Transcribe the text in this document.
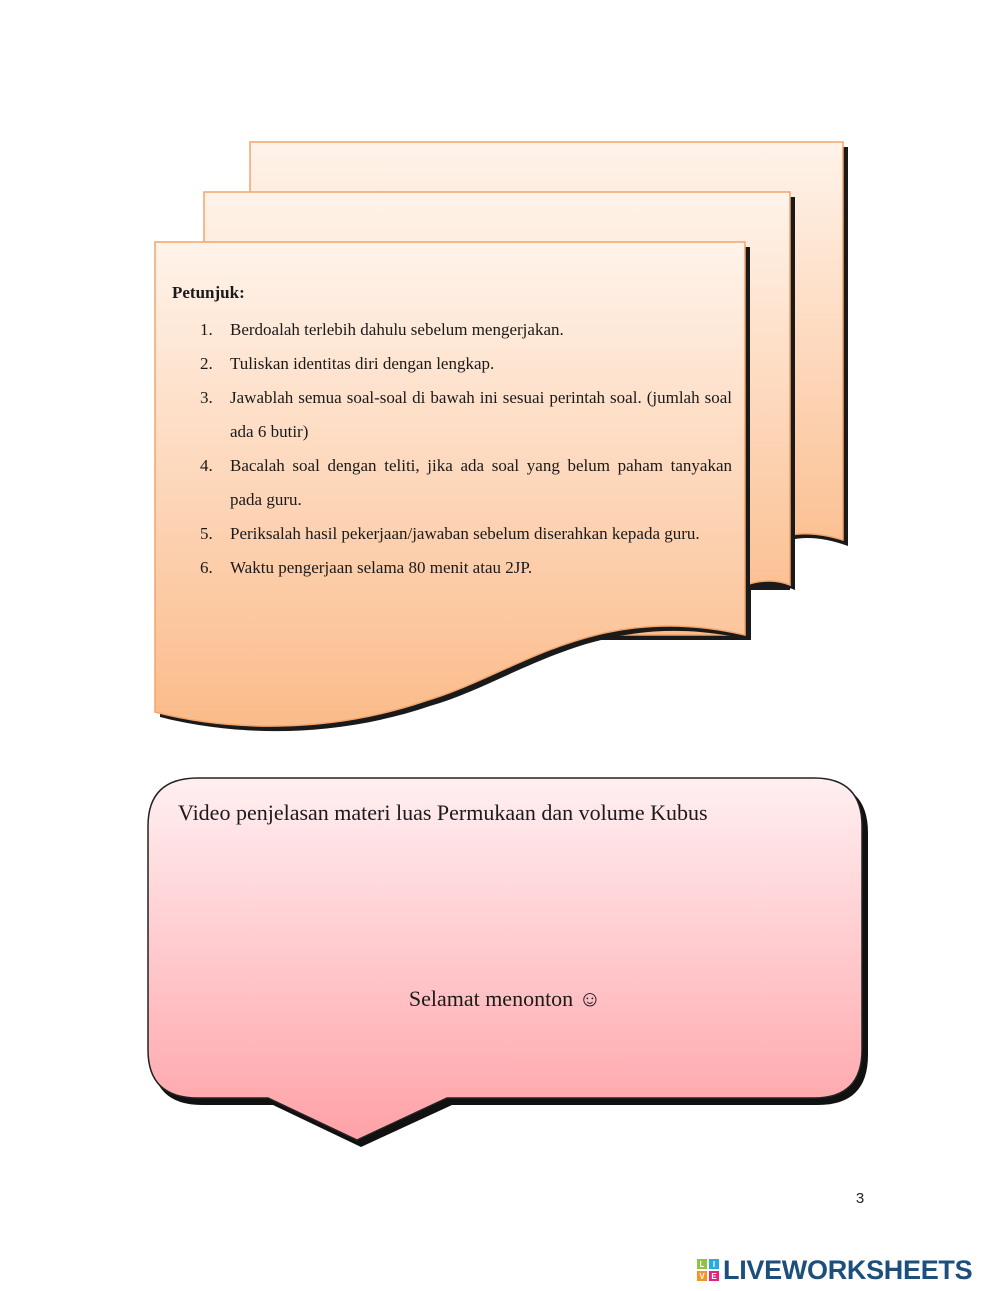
Petunjuk:
1. Berdoalah terlebih dahulu sebelum mengerjakan.
2. Tuliskan identitas diri dengan lengkap.
3. Jawablah semua soal-soal di bawah ini sesuai perintah soal. (jumlah soal ada 6 butir)
4. Bacalah soal dengan teliti, jika ada soal yang belum paham tanyakan pada guru.
5. Periksalah hasil pekerjaan/jawaban sebelum diserahkan kepada guru.
6. Waktu pengerjaan selama 80 menit atau 2JP.
Video penjelasan materi luas Permukaan dan volume Kubus
Selamat menonton ☺
3
L	I
V E LIVEWORKSHEETS
